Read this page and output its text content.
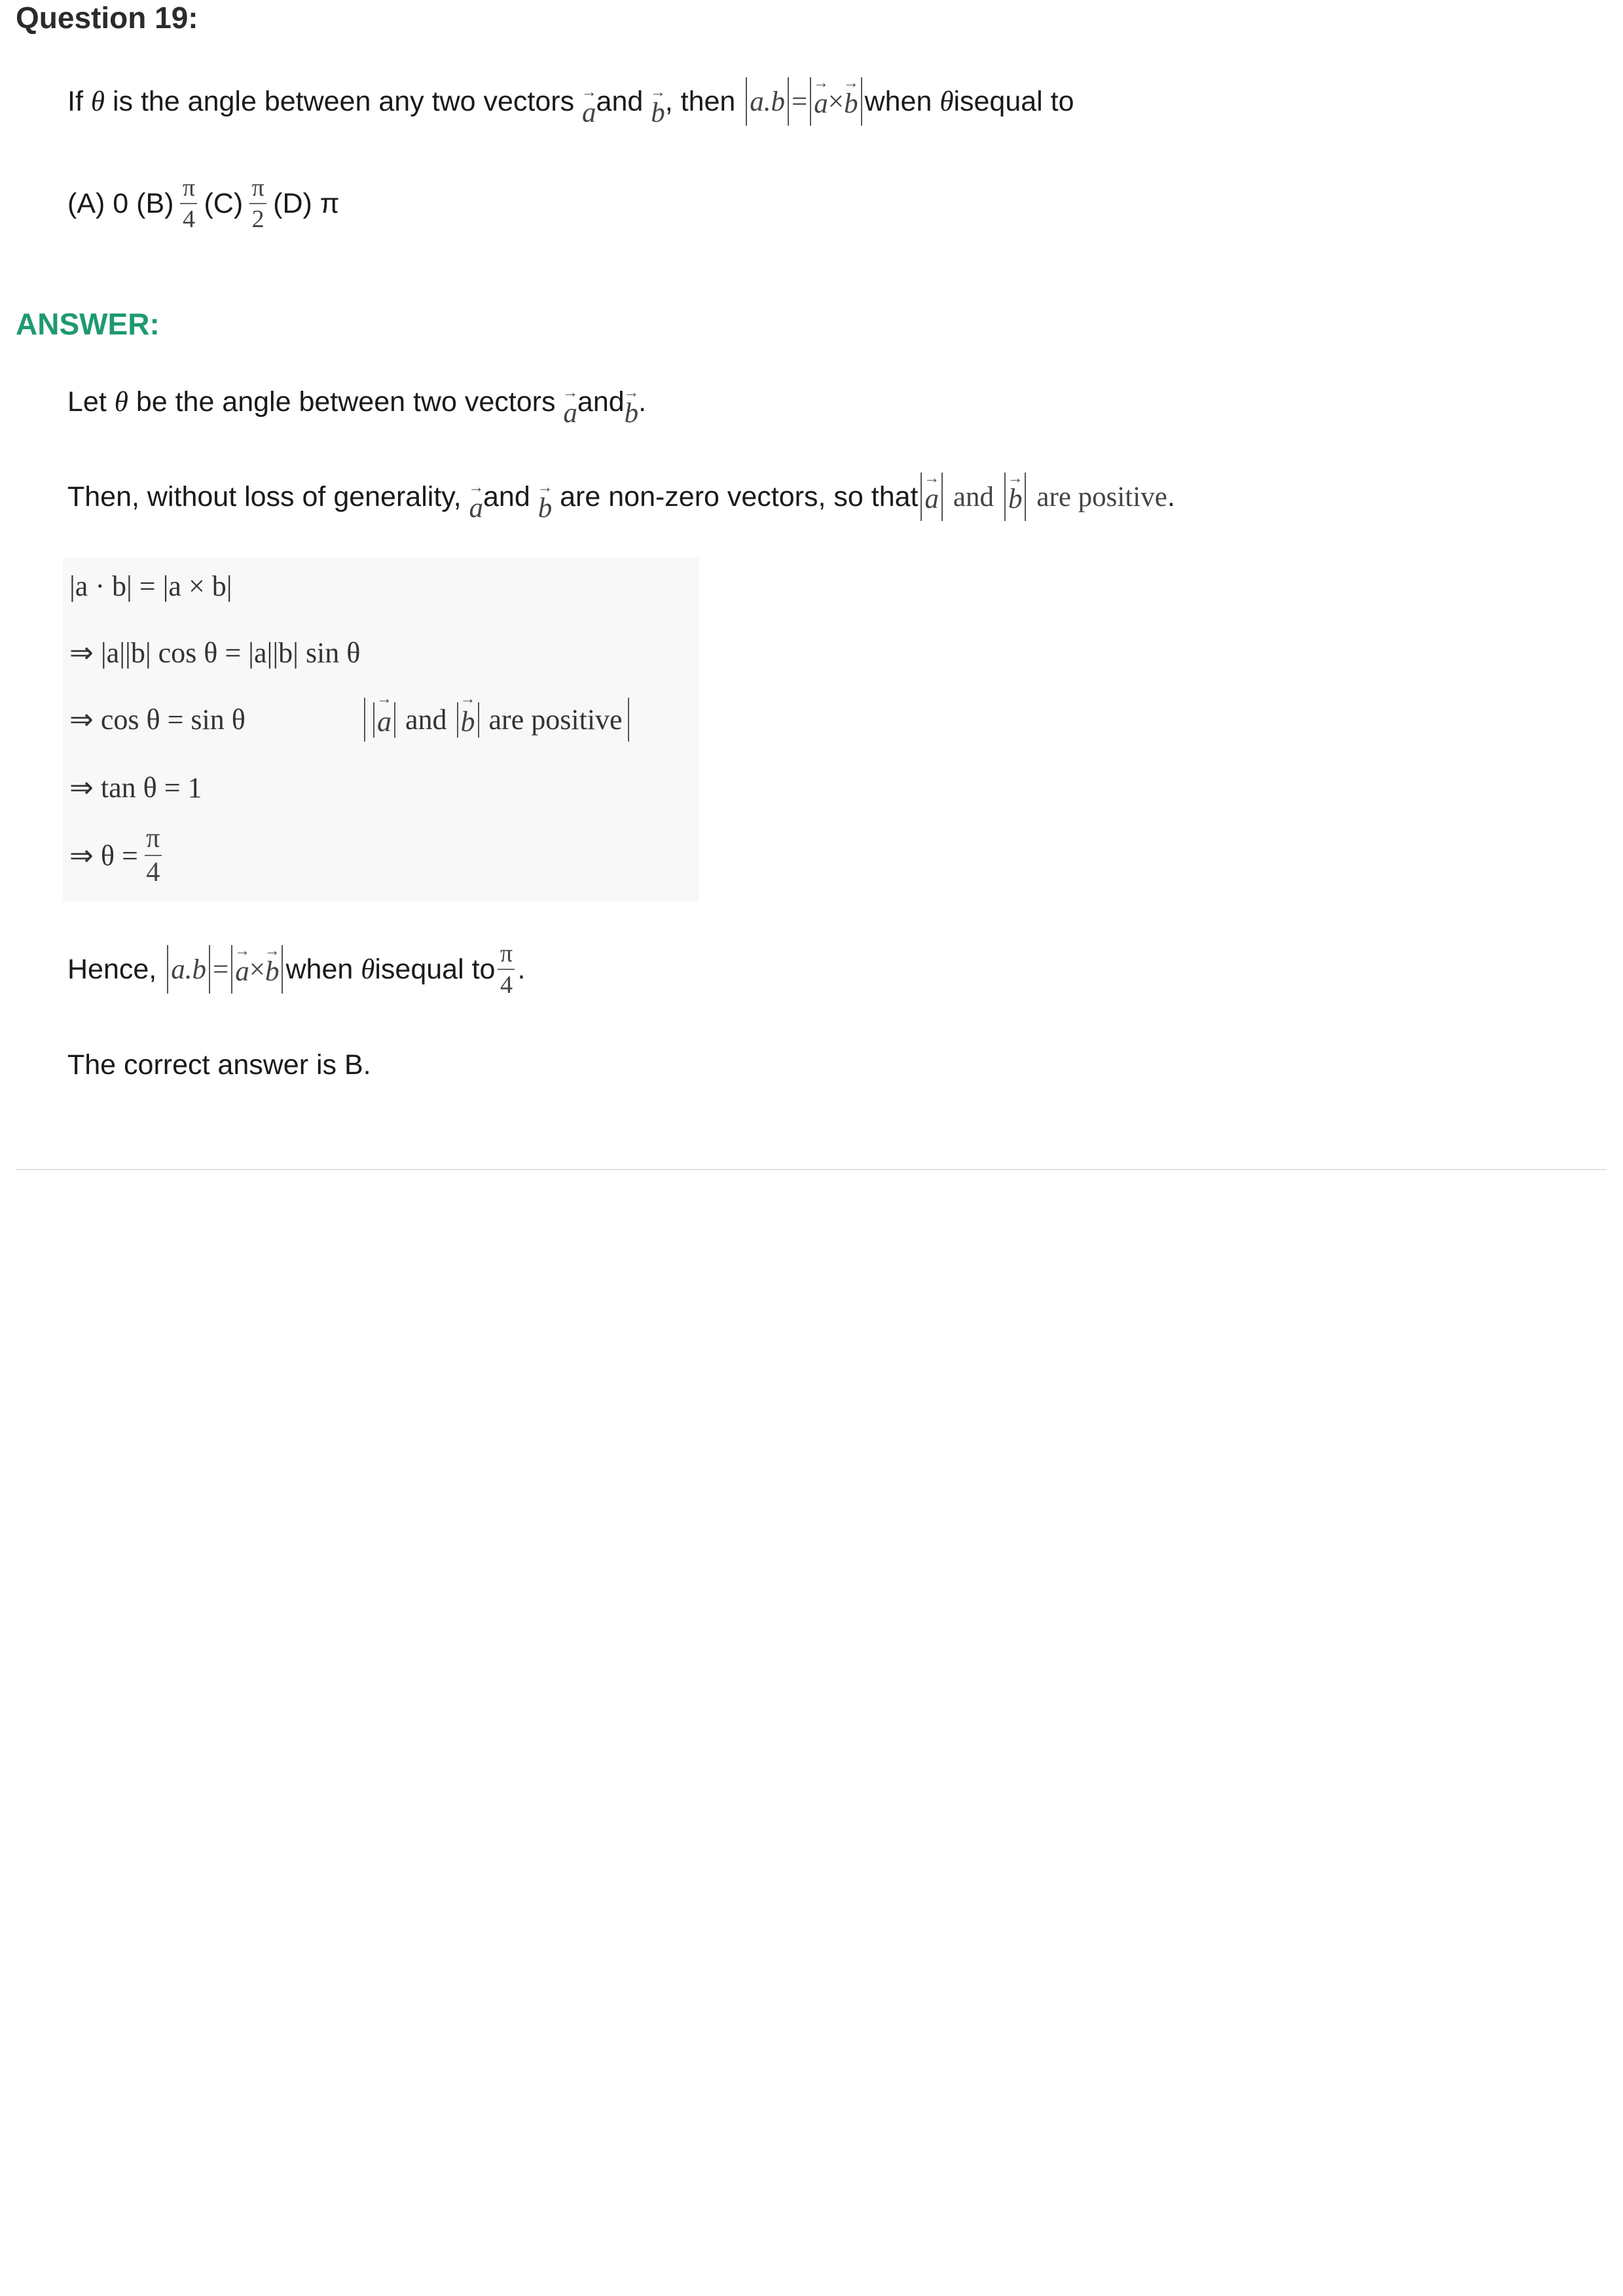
Question 19:
If
θ
is the angle between any two vectors
→ a and
→ b , then
a.b = → a × → b when
θ isequal to
(A) 0
$(B) \frac{\pi}{4} (C) \frac{\pi}{2} (D)$ π
ANSWER:
Let
θ
be the angle between two vectors
→ a and → b .
Then, without loss of generality,
→ a and
→ b
are non-zero vectors, so that → a
and
→ b
are positive .
|a · b| = |a × b|
⇒ |a||b| cos θ = |a||b| sin θ
⇒ cos θ = sin θ	→ a
and
→ b
are positive
⇒ tan θ = 1
⇒ $\theta = \frac{\pi}{4}$
Hence,
a.b = → a × → b when
θ isequal to $\frac{\pi}{4}$ .
The correct answer is B.
